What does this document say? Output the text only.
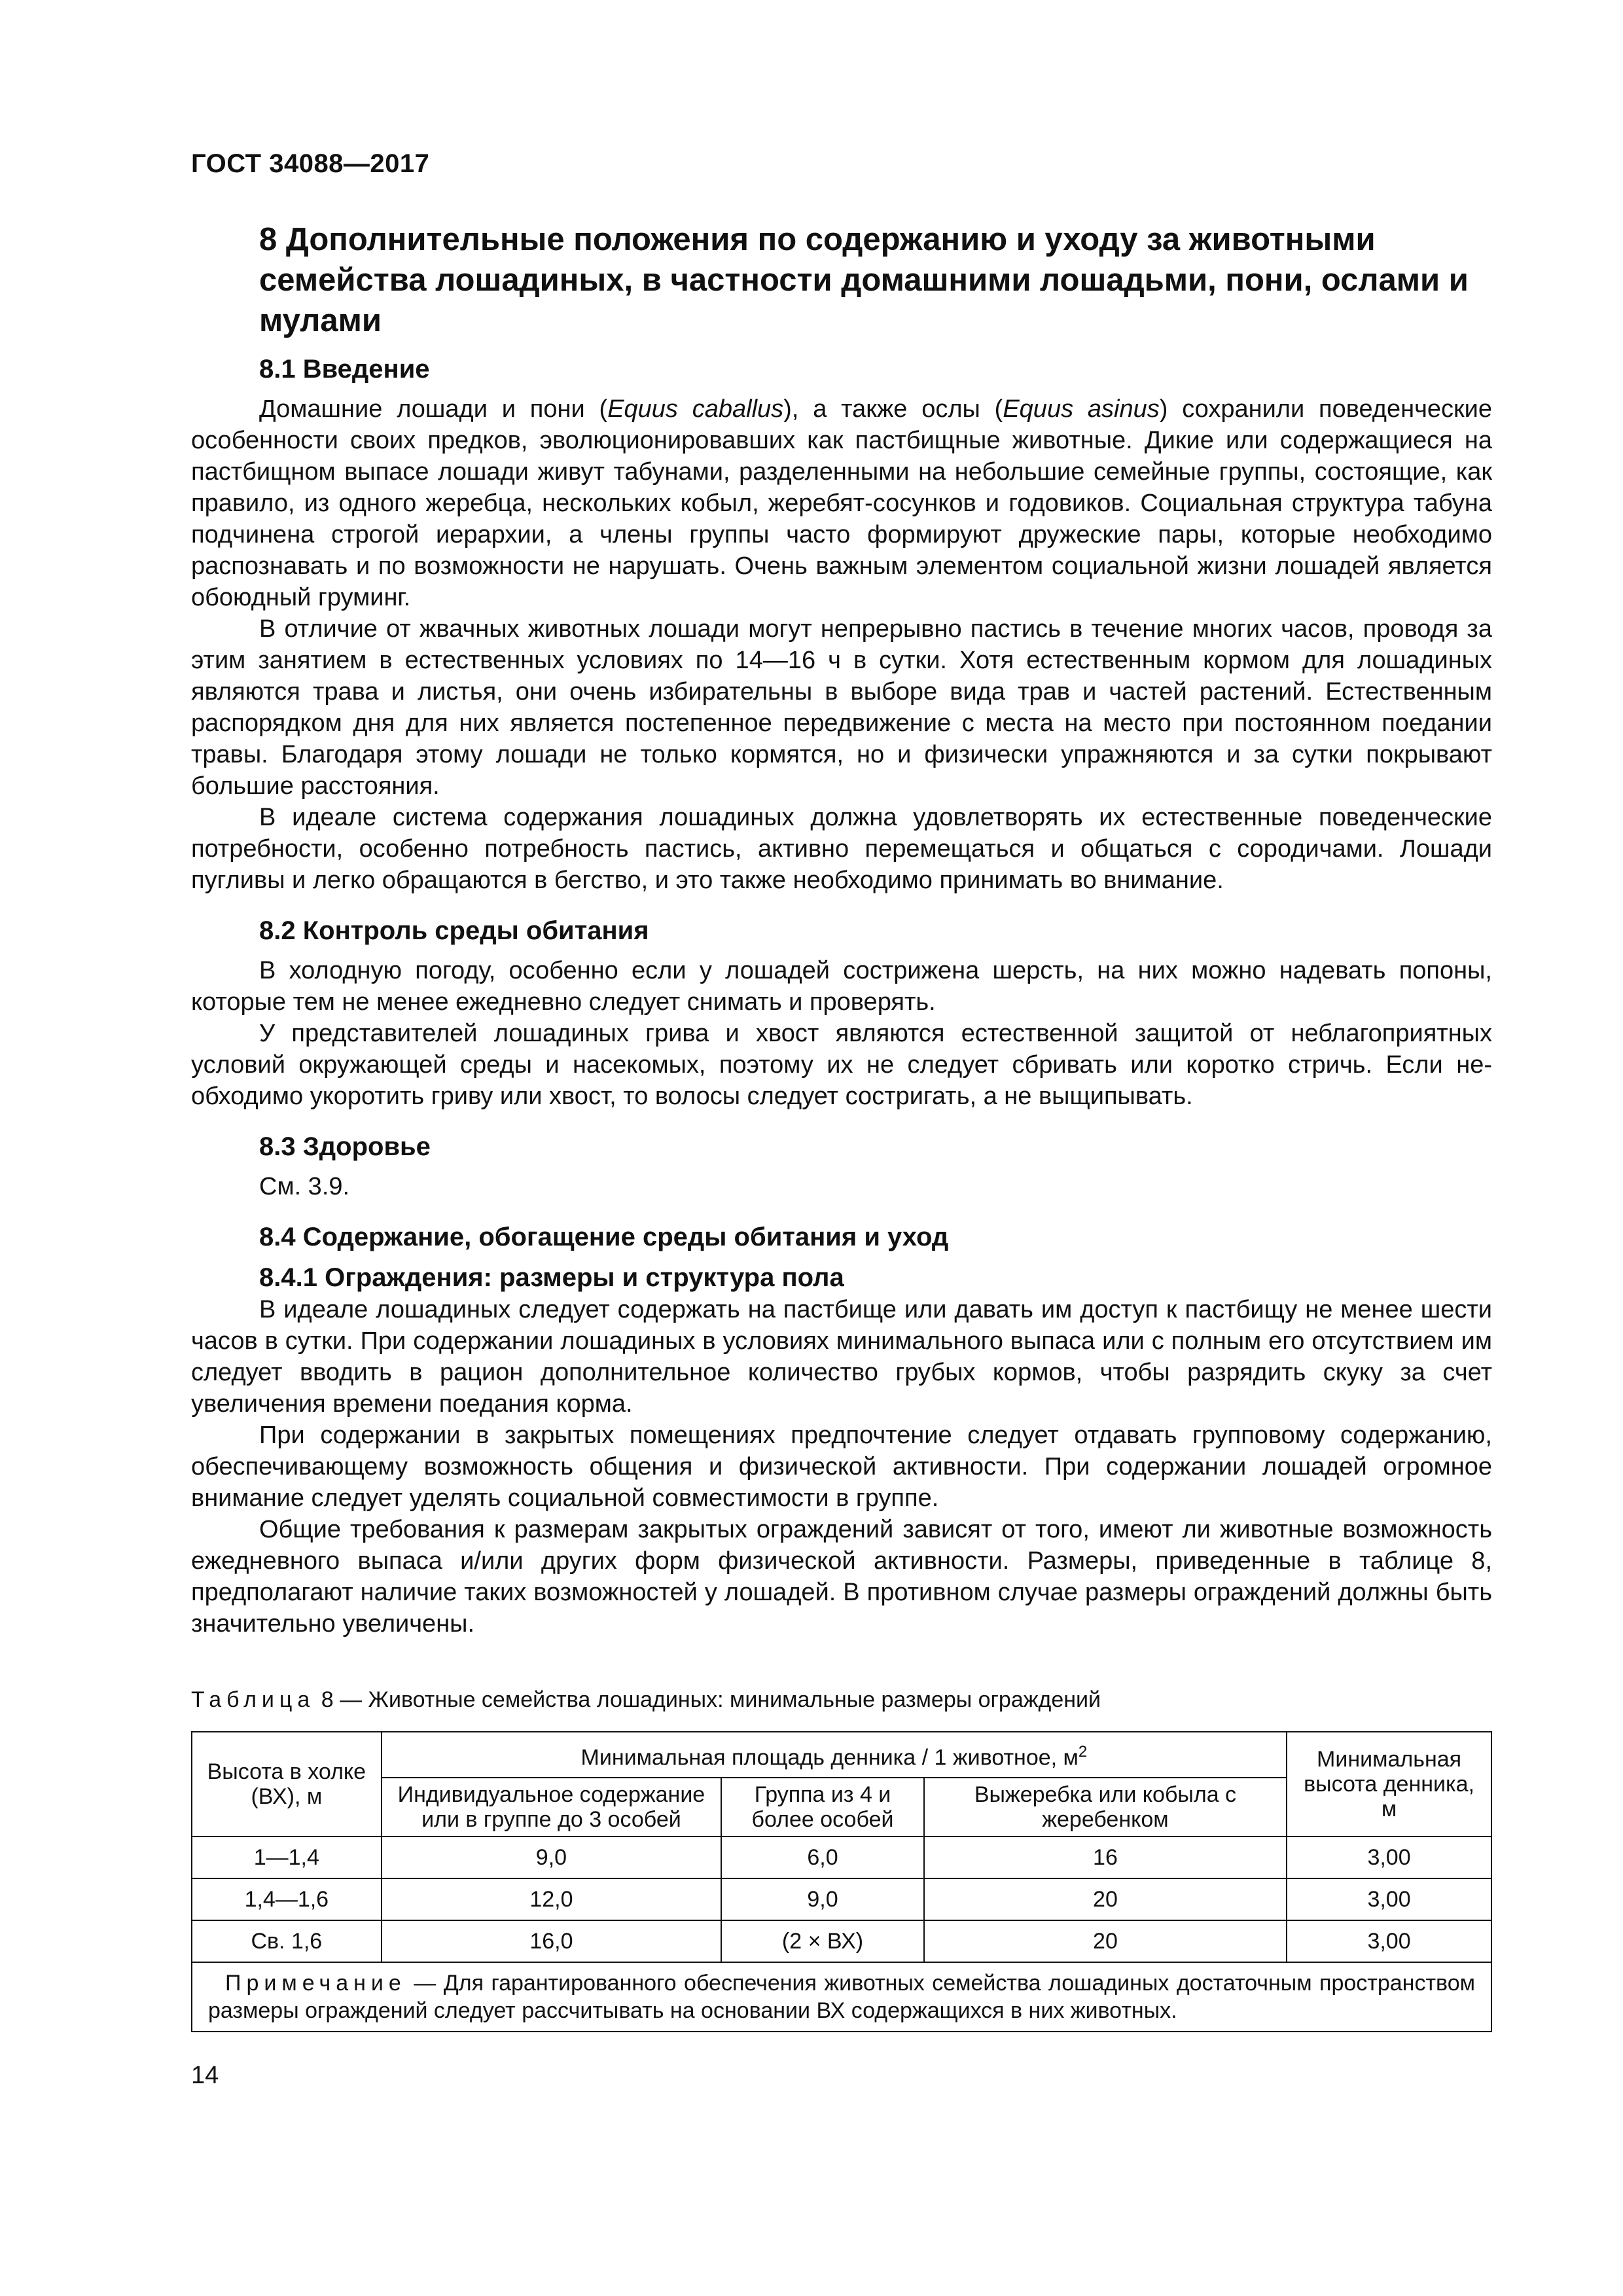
ГОСТ 34088—2017
8 Дополнительные положения по содержанию и уходу за животными семейства лошадиных, в частности домашними лошадьми, пони, ослами и мулами
8.1 Введение

Домашние лошади и пони (Equus caballus), а также ослы (Equus asinus) сохранили поведенческие особенности своих предков, эволюционировавших как пастбищные животные. Дикие или содержащиеся на пастбищном выпасе лошади живут табунами, разделенными на небольшие семейные группы, состоящие, как правило, из одного жеребца, нескольких кобыл, жеребят-сосунков и годовиков. Социальная структура табуна подчинена строгой иерархии, а члены группы часто формируют дружеские пары, которые необходимо распознавать и по возможности не нарушать. Очень важным элементом социальной жизни лошадей является обоюдный груминг.

В отличие от жвачных животных лошади могут непрерывно пастись в течение многих часов, проводя за этим занятием в естественных условиях по 14—16 ч в сутки. Хотя естественным кормом для лошадиных являются трава и листья, они очень избирательны в выборе вида трав и частей растений. Естественным распорядком дня для них является постепенное передвижение с места на место при постоянном поедании травы. Благодаря этому лошади не только кормятся, но и физически упражняются и за сутки покрывают большие расстояния.

В идеале система содержания лошадиных должна удовлетворять их естественные поведенческие потребности, особенно потребность пастись, активно перемещаться и общаться с сородичами. Лошади пугливы и легко обращаются в бегство, и это также необходимо принимать во внимание.

8.2 Контроль среды обитания

В холодную погоду, особенно если у лошадей сострижена шерсть, на них можно надевать попоны, которые тем не менее ежедневно следует снимать и проверять.

У представителей лошадиных грива и хвост являются естественной защитой от неблагоприятных условий окружающей среды и насекомых, поэтому их не следует сбривать или коротко стричь. Если необходимо укоротить гриву или хвост, то волосы следует состригать, а не выщипывать.

8.3 Здоровье

См. 3.9.

8.4 Содержание, обогащение среды обитания и уход
8.4.1 Ограждения: размеры и структура пола

В идеале лошадиных следует содержать на пастбище или давать им доступ к пастбищу не менее шести часов в сутки. При содержании лошадиных в условиях минимального выпаса или с полным его отсутствием им следует вводить в рацион дополнительное количество грубых кормов, чтобы разрядить скуку за счет увеличения времени поедания корма.

При содержании в закрытых помещениях предпочтение следует отдавать групповому содержанию, обеспечивающему возможность общения и физической активности. При содержании лошадей огромное внимание следует уделять социальной совместимости в группе.

Общие требования к размерам закрытых ограждений зависят от того, имеют ли животные возможность ежедневного выпаса и/или других форм физической активности. Размеры, приведенные в таблице 8, предполагают наличие таких возможностей у лошадей. В противном случае размеры ограждений должны быть значительно увеличены.

Таблица 8 — Животные семейства лошадиных: минимальные размеры ограждений
Высота в холке (ВХ), м	Минимальная площадь денника / 1 животное, $м^2$			Минимальная высота денника, м
	Индивидуальное содержание или в группе до 3 особей	Группа из 4 и более особей	Выжеребка или кобыла с жеребенком	
1—1,4	9,0	6,0	16	3,00
1,4—1,6	12,0	9,0	20	3,00
Св. 1,6	16,0	(2 × ВХ)	20	3,00
Примечание — Для гарантированного обеспечения животных семейства лошадиных достаточным пространством размеры ограждений следует рассчитывать на основании ВХ содержащихся в них животных.				
14
